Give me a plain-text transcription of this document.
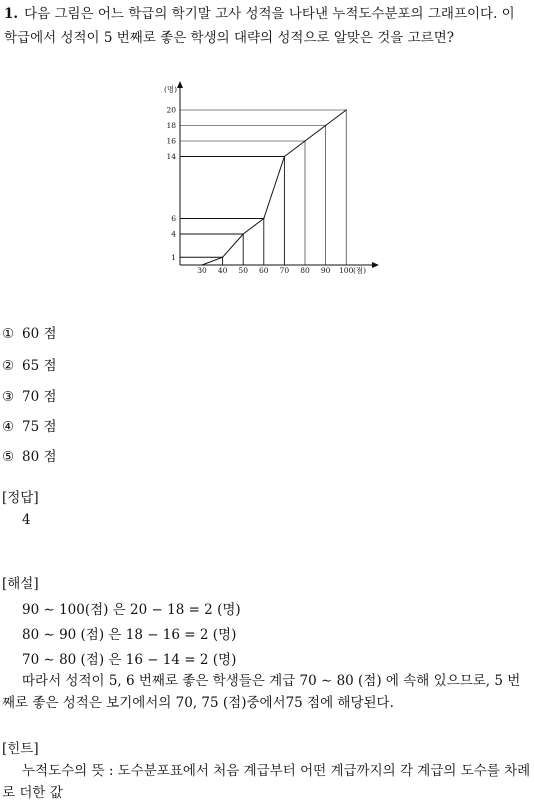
1. 다음 그림은 어느 학급의 학기말 고사 성적을 나타낸 누적도수분포의 그래프이다. 이 학급에서 성적이 5 번째로 좋은 학생의 대략의 성적으로 알맞은 것을 고르면?
(명)
(점)
1
4
6
14
16
18
20
30 40 50 60 70 80 90 100
① 60 점
② 65 점
③ 70 점
④ 75 점
⑤ 80 점
[정답]
4
[해설]
90 ∼ 100(점) 은 20 − 18 = 2 (명)
80 ∼ 90 (점) 은 18 − 16 = 2 (명)
70 ∼ 80 (점) 은 16 − 14 = 2 (명)
따라서 성적이 5, 6 번째로 좋은 학생들은 계급 70 ∼ 80 (점) 에 속해 있으므로, 5 번째로 좋은 성적은 보기에서의 70, 75 (점)중에서75 점에 해당된다.
[힌트]
누적도수의 뜻 : 도수분포표에서 처음 계급부터 어떤 계급까지의 각 계급의 도수를 차례로 더한 값
